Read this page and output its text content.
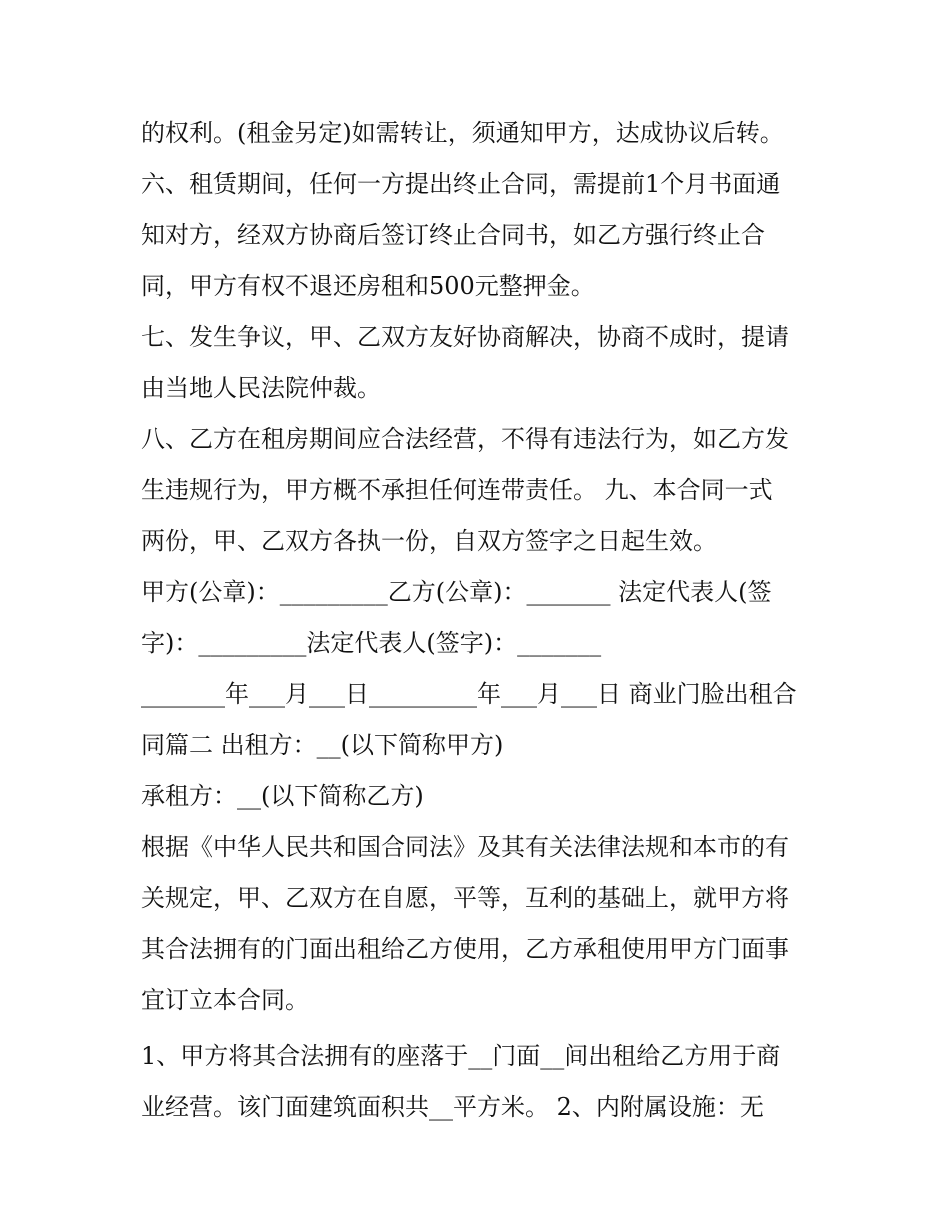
的权利。(租金另定)如需转让，须通知甲方，达成协议后转。
六、租赁期间，任何一方提出终止合同，需提前1个月书面通
知对方，经双方协商后签订终止合同书，如乙方强行终止合
同，甲方有权不退还房租和500元整押金。
七、发生争议，甲、乙双方友好协商解决，协商不成时，提请
由当地人民法院仲裁。
八、乙方在租房期间应合法经营，不得有违法行为，如乙方发
生违规行为，甲方概不承担任何连带责任。 九、本合同一式
两份，甲、乙双方各执一份，自双方签字之日起生效。
甲方(公章)：_________乙方(公章)：_______ 法定代表人(签
字)：_________法定代表人(签字)：_______
_______年___月___日_________年___月___日 商业门脸出租合
同篇二 出租方：__(以下简称甲方)
承租方：__(以下简称乙方)
根据《中华人民共和国合同法》及其有关法律法规和本市的有
关规定，甲、乙双方在自愿，平等，互利的基础上，就甲方将
其合法拥有的门面出租给乙方使用，乙方承租使用甲方门面事
宜订立本合同。
1、甲方将其合法拥有的座落于__门面__间出租给乙方用于商
业经营。该门面建筑面积共__平方米。 2、内附属设施：无
